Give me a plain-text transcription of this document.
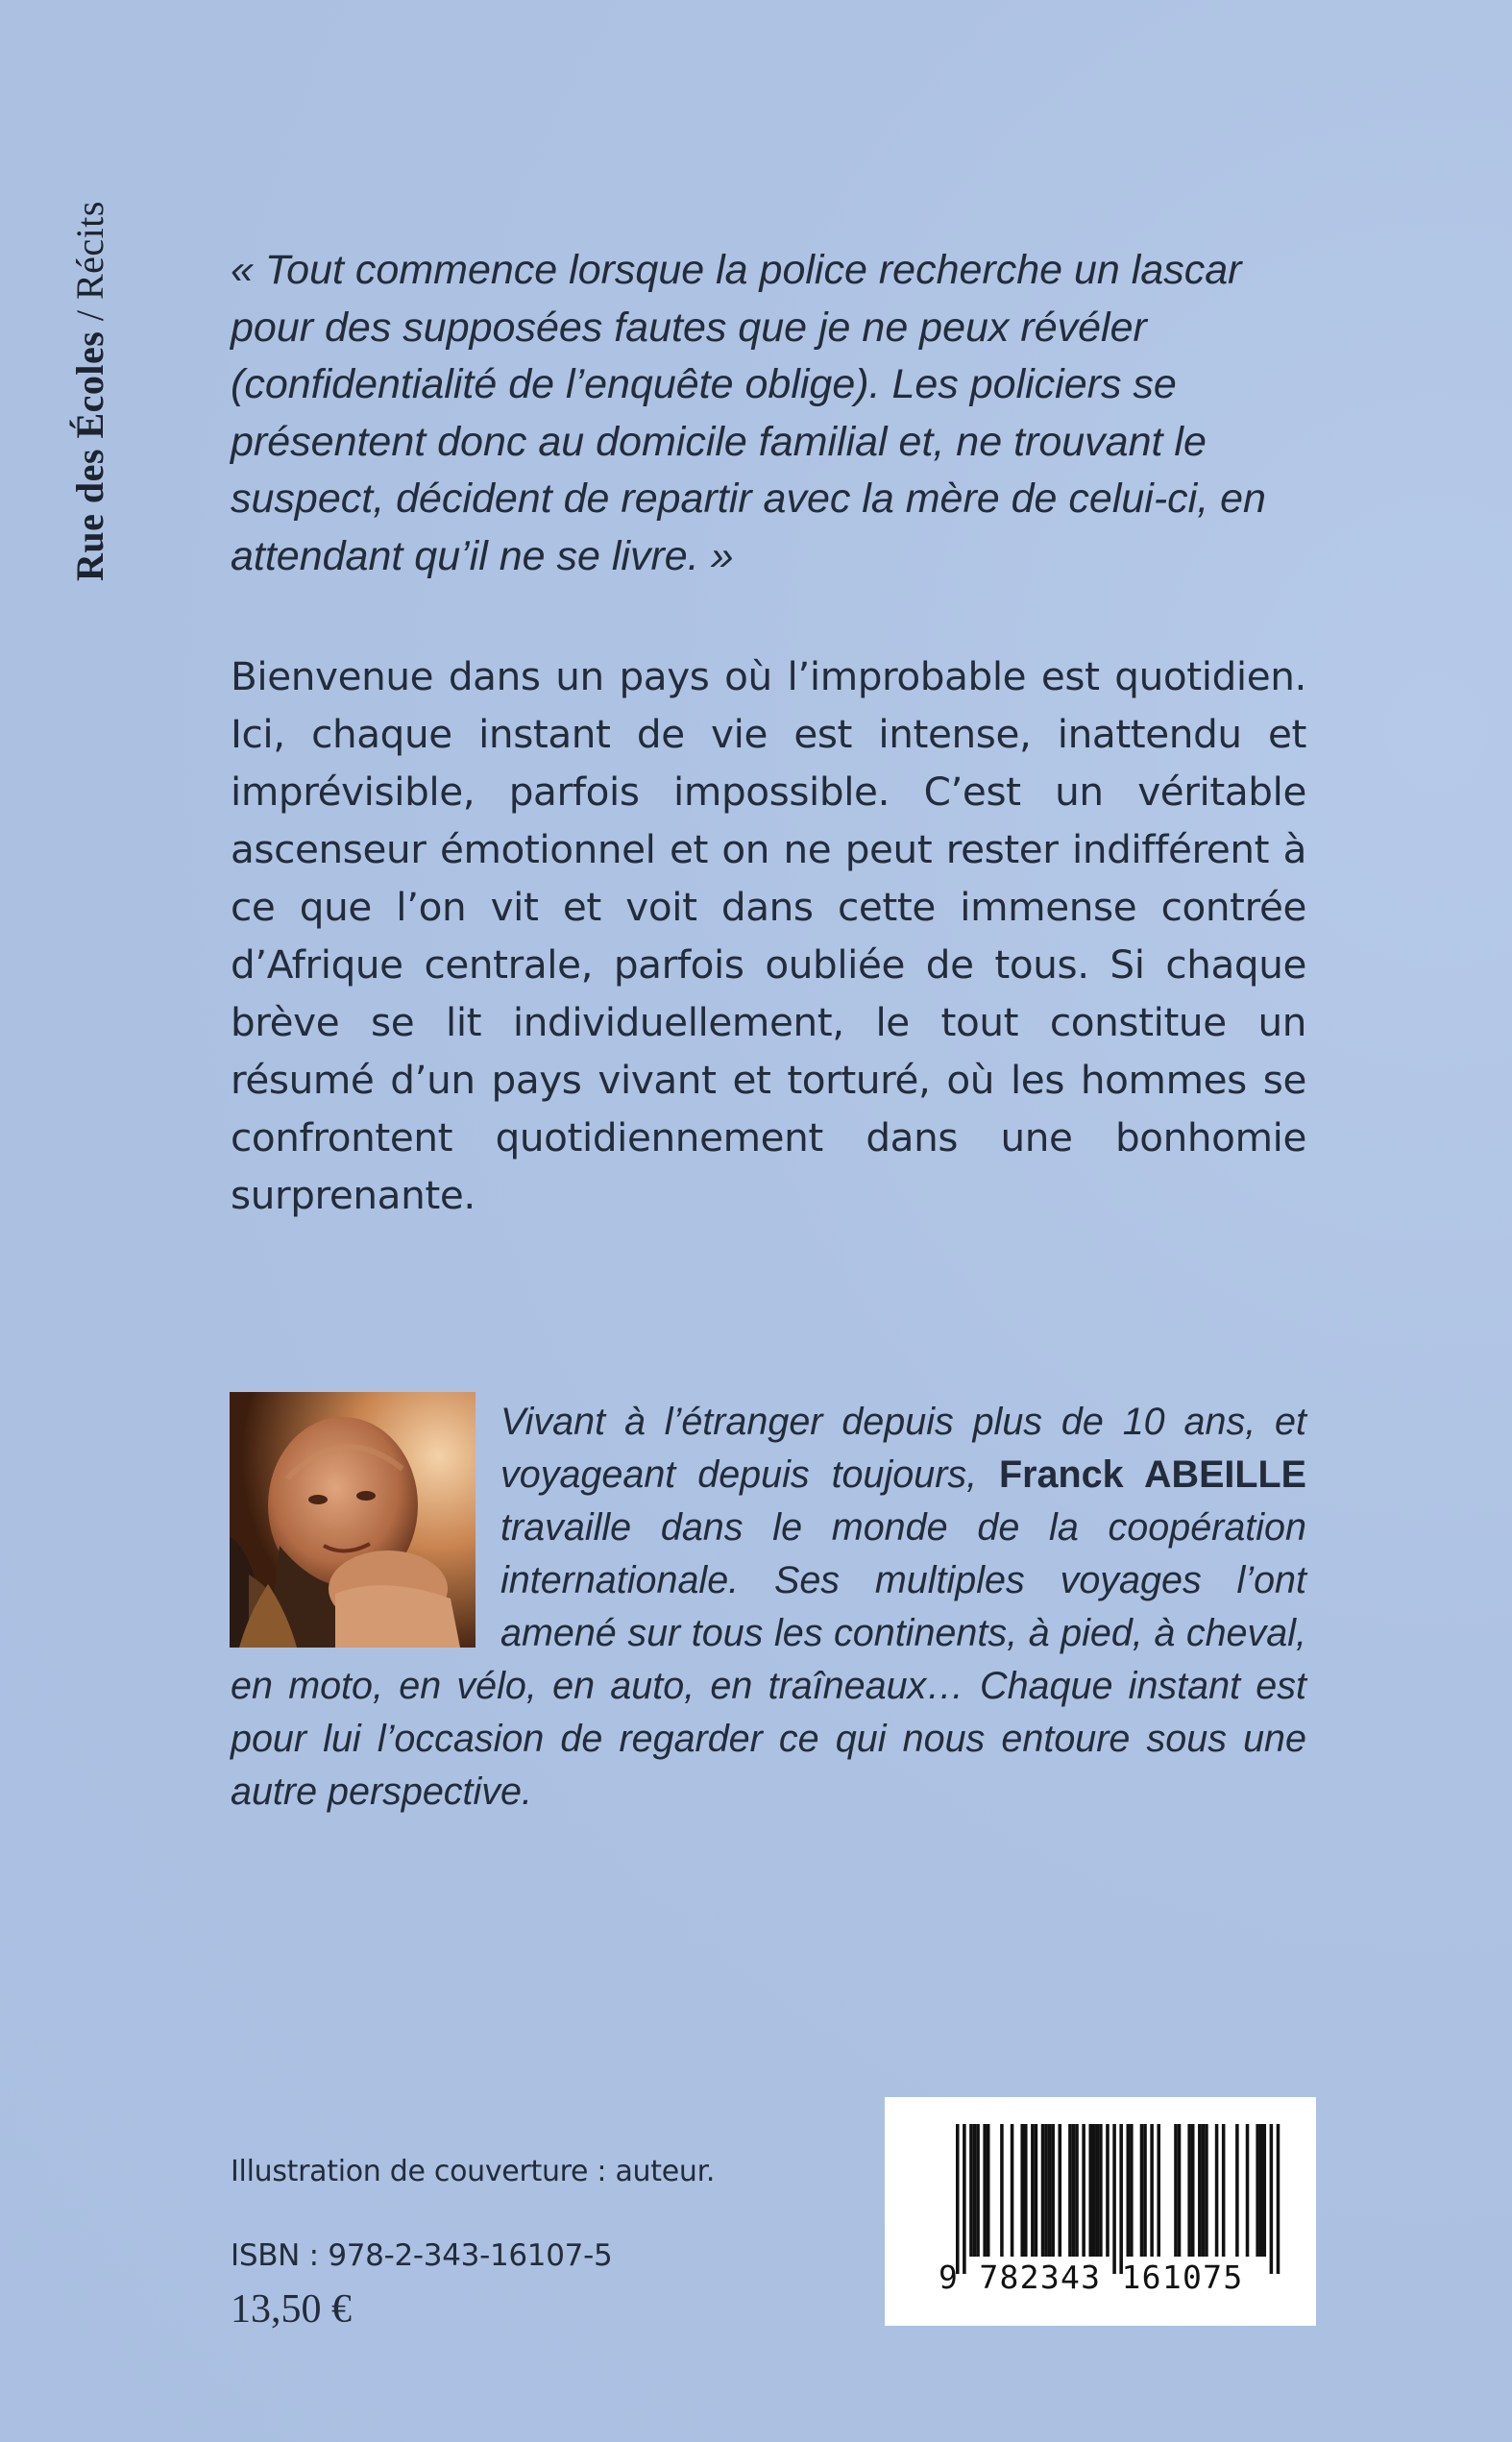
Rue des Écoles / Récits	« Tout commence lorsque la police recherche un lascar pour des supposées fautes que je ne peux révéler (confidentialité de l’enquête oblige). Les policiers se présentent donc au domicile familial et, ne trouvant le suspect, décident de repartir avec la mère de celui-ci, en attendant qu’il ne se livre. »
Bienvenue dans un pays où l’improbable est quotidien. Ici, chaque instant de vie est intense, inattendu et imprévisible, parfois impossible. C’est un véritable ascenseur émotionnel et on ne peut rester indifférent à ce que l’on vit et voit dans cette immense contrée d’Afrique centrale, parfois oubliée de tous. Si chaque brève se lit individuellement, le tout constitue un résumé d’un pays vivant et torturé, où les hommes se confrontent quotidiennement dans une bonhomie surprenante.
Vivant à l’étranger depuis plus de 10 ans, et voyageant depuis toujours, Franck ABEILLE travaille dans le monde de la coopération internationale. Ses multiples voyages l’ont amené sur tous les continents, à pied, à cheval, en moto, en vélo, en auto, en traîneaux… Chaque instant est pour lui l’occasion de regarder ce qui nous entoure sous une autre perspective.
Illustration de couverture : auteur.
ISBN : 978-2-343-16107-5
13,50 €
9 782343 161075
